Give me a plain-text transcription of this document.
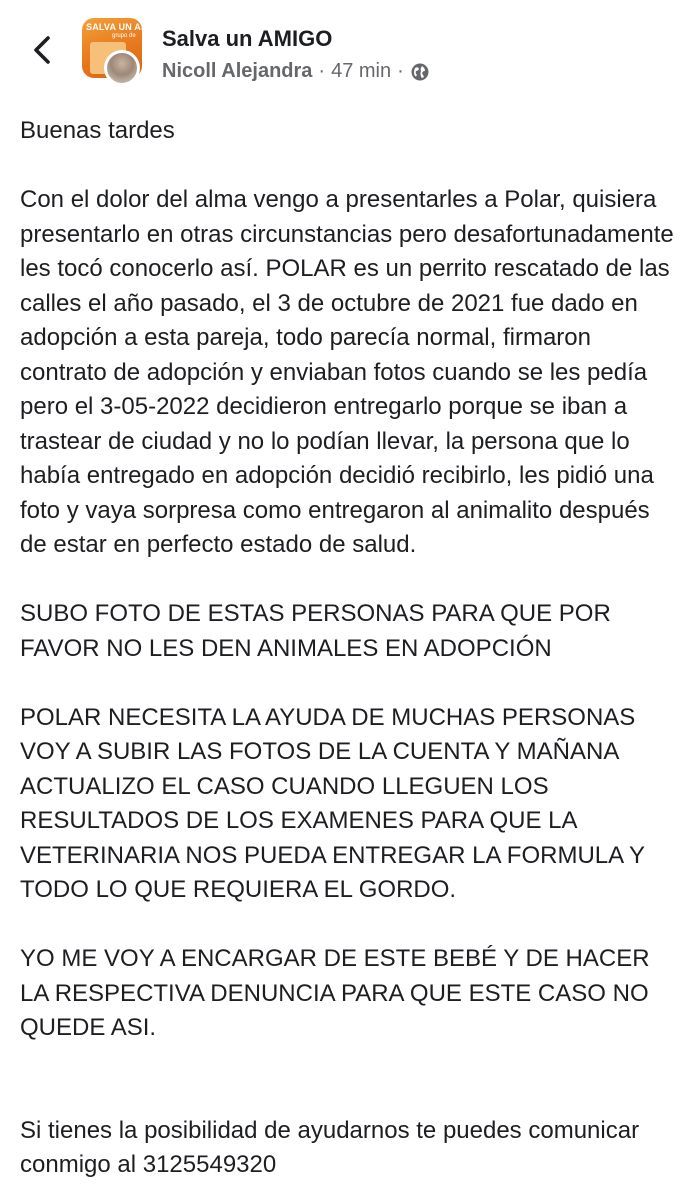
SALVA UN AMIGO
grupo de Salva un AMIGO
Nicoll Alejandra · 47 min ·

Buenas tardes

Con el dolor del alma vengo a presentarles a Polar, quisiera presentarlo en otras circunstancias pero desafortunadamente les tocó conocerlo así. POLAR es un perrito rescatado de las calles el año pasado, el 3 de octubre de 2021 fue dado en adopción a esta pareja, todo parecía normal, firmaron contrato de adopción y enviaban fotos cuando se les pedía pero el 3-05-2022 decidieron entregarlo porque se iban a trastear de ciudad y no lo podían llevar, la persona que lo había entregado en adopción decidió recibirlo, les pidió una foto y vaya sorpresa como entregaron al animalito después de estar en perfecto estado de salud.

SUBO FOTO DE ESTAS PERSONAS PARA QUE POR FAVOR NO LES DEN ANIMALES EN ADOPCIÓN

POLAR NECESITA LA AYUDA DE MUCHAS PERSONAS VOY A SUBIR LAS FOTOS DE LA CUENTA Y MAÑANA ACTUALIZO EL CASO CUANDO LLEGUEN LOS RESULTADOS DE LOS EXAMENES PARA QUE LA VETERINARIA NOS PUEDA ENTREGAR LA FORMULA Y TODO LO QUE REQUIERA EL GORDO.

YO ME VOY A ENCARGAR DE ESTE BEBÉ Y DE HACER LA RESPECTIVA DENUNCIA PARA QUE ESTE CASO NO QUEDE ASI.

Si tienes la posibilidad de ayudarnos te puedes comunicar conmigo al 3125549320
